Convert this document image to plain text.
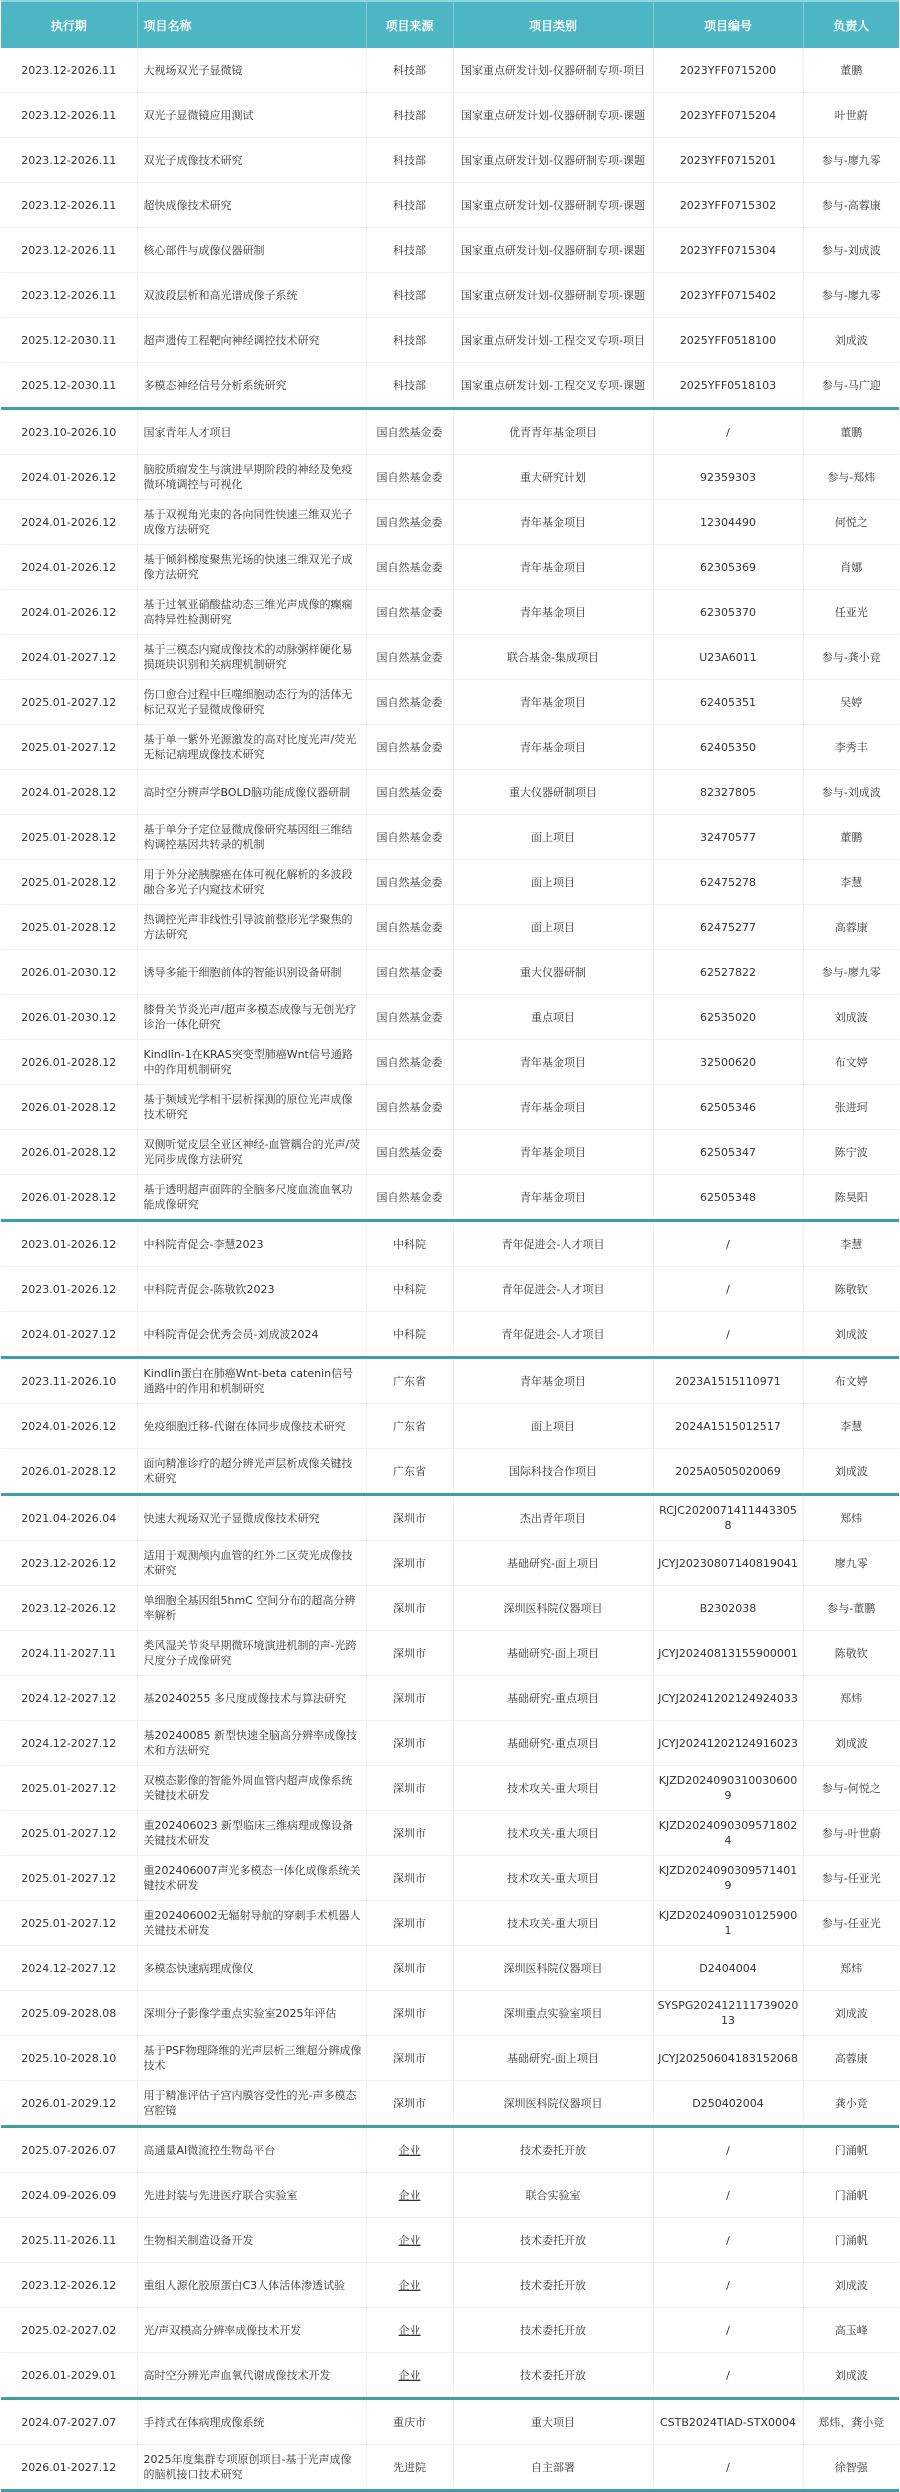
执行期	项目名称	项目来源	项目类别	项目编号	负责人
2023.12-2026.11	大视场双光子显微镜	科技部	国家重点研发计划-仪器研制专项-项目	2023YFF0715200	董鹏
2023.12-2026.11	双光子显微镜应用测试	科技部	国家重点研发计划-仪器研制专项-课题	2023YFF0715204	叶世蔚
2023.12-2026.11	双光子成像技术研究	科技部	国家重点研发计划-仪器研制专项-课题	2023YFF0715201	参与-廖九零
2023.12-2026.11	超快成像技术研究	科技部	国家重点研发计划-仪器研制专项-课题	2023YFF0715302	参与-高蓉康
2023.12-2026.11	核心部件与成像仪器研制	科技部	国家重点研发计划-仪器研制专项-课题	2023YFF0715304	参与-刘成波
2023.12-2026.11	双波段层析和高光谱成像子系统	科技部	国家重点研发计划-仪器研制专项-课题	2023YFF0715402	参与-廖九零
2025.12-2030.11	超声遗传工程靶向神经调控技术研究	科技部	国家重点研发计划-工程交叉专项-项目	2025YFF0518100	刘成波
2025.12-2030.11	多模态神经信号分析系统研究	科技部	国家重点研发计划-工程交叉专项-课题	2025YFF0518103	参与-马广迎
2023.10-2026.10	国家青年人才项目	国自然基金委	优青青年基金项目	/	董鹏
2024.01-2026.12	脑胶质瘤发生与演进早期阶段的神经及免疫微环境调控与可视化	国自然基金委	重大研究计划	92359303	参与-郑炜
2024.01-2026.12	基于双视角光束的各向同性快速三维双光子成像方法研究	国自然基金委	青年基金项目	12304490	何悦之
2024.01-2026.12	基于倾斜梯度聚焦光场的快速三维双光子成像方法研究	国自然基金委	青年基金项目	62305369	肖娜
2024.01-2026.12	基于过氧亚硝酸盐动态三维光声成像的癫痫高特异性检测研究	国自然基金委	青年基金项目	62305370	任亚光
2024.01-2027.12	基于三模态内窥成像技术的动脉粥样硬化易损斑块识别和关病理机制研究	国自然基金委	联合基金-集成项目	U23A6011	参与-龚小竞
2025.01-2027.12	伤口愈合过程中巨噬细胞动态行为的活体无标记双光子显微成像研究	国自然基金委	青年基金项目	62405351	吴婷
2025.01-2027.12	基于单一紫外光源激发的高对比度光声/荧光无标记病理成像技术研究	国自然基金委	青年基金项目	62405350	李秀丰
2024.01-2028.12	高时空分辨声学BOLD脑功能成像仪器研制	国自然基金委	重大仪器研制项目	82327805	参与-刘成波
2025.01-2028.12	基于单分子定位显微成像研究基因组三维结构调控基因共转录的机制	国自然基金委	面上项目	32470577	董鹏
2025.01-2028.12	用于外分泌胰腺癌在体可视化解析的多波段融合多光子内窥技术研究	国自然基金委	面上项目	62475278	李慧
2025.01-2028.12	热调控光声非线性引导波前整形光学聚焦的方法研究	国自然基金委	面上项目	62475277	高蓉康
2026.01-2030.12	诱导多能干细胞前体的智能识别设备研制	国自然基金委	重大仪器研制	62527822	参与-廖九零
2026.01-2030.12	膝骨关节炎光声/超声多模态成像与无创光疗诊治一体化研究	国自然基金委	重点项目	62535020	刘成波
2026.01-2028.12	Kindlin-1在KRAS突变型肺癌Wnt信号通路中的作用机制研究	国自然基金委	青年基金项目	32500620	布文婷
2026.01-2028.12	基于频域光学相干层析探测的原位光声成像技术研究	国自然基金委	青年基金项目	62505346	张进珂
2026.01-2028.12	双侧听觉皮层全亚区神经-血管耦合的光声/荧光同步成像方法研究	国自然基金委	青年基金项目	62505347	陈宁波
2026.01-2028.12	基于透明超声面阵的全脑多尺度血流血氧功能成像研究	国自然基金委	青年基金项目	62505348	陈昊阳
2023.01-2026.12	中科院青促会-李慧2023	中科院	青年促进会-人才项目	/	李慧
2023.01-2026.12	中科院青促会-陈敬钦2023	中科院	青年促进会-人才项目	/	陈敬钦
2024.01-2027.12	中科院青促会优秀会员-刘成波2024	中科院	青年促进会-人才项目	/	刘成波
2023.11-2026.10	Kindlin蛋白在肺癌Wnt-beta catenin信号通路中的作用和机制研究	广东省	青年基金项目	2023A1515110971	布文婷
2024.01-2026.12	免疫细胞迁移-代谢在体同步成像技术研究	广东省	面上项目	2024A1515012517	李慧
2026.01-2028.12	面向精准诊疗的超分辨光声层析成像关键技术研究	广东省	国际科技合作项目	2025A0505020069	刘成波
2021.04-2026.04	快速大视场双光子显微成像技术研究	深圳市	杰出青年项目	RCJC20200714114433058	郑炜
2023.12-2026.12	适用于观测颅内血管的红外二区荧光成像技术研究	深圳市	基础研究-面上项目	JCYJ20230807140819041	廖九零
2023.12-2026.12	单细胞全基因组5hmC 空间分布的超高分辨率解析	深圳市	深圳医科院仪器项目	B2302038	参与-董鹏
2024.11-2027.11	类风湿关节炎早期微环境演进机制的声-光跨尺度分子成像研究	深圳市	基础研究-面上项目	JCYJ20240813155900001	陈敬钦
2024.12-2027.12	基20240255 多尺度成像技术与算法研究	深圳市	基础研究-重点项目	JCYJ20241202124924033	郑炜
2024.12-2027.12	基20240085 新型快速全脑高分辨率成像技术和方法研究	深圳市	基础研究-重点项目	JCYJ20241202124916023	刘成波
2025.01-2027.12	双模态影像的智能外周血管内超声成像系统关键技术研发	深圳市	技术攻关-重大项目	KJZD20240903100306009	参与-何悦之
2025.01-2027.12	重202406023 新型临床三维病理成像设备关键技术研发	深圳市	技术攻关-重大项目	KJZD20240903095718024	参与-叶世蔚
2025.01-2027.12	重202406007声光多模态一体化成像系统关键技术研发	深圳市	技术攻关-重大项目	KJZD20240903095714019	参与-任亚光
2025.01-2027.12	重202406002无辐射导航的穿刺手术机器人关键技术研发	深圳市	技术攻关-重大项目	KJZD20240903101259001	参与-任亚光
2024.12-2027.12	多模态快速病理成像仪	深圳市	深圳医科院仪器项目	D2404004	郑炜
2025.09-2028.08	深圳分子影像学重点实验室2025年评估	深圳市	深圳重点实验室项目	SYSPG20241211173902013	刘成波
2025.10-2028.10	基于PSF物理降维的光声层析三维超分辨成像技术	深圳市	基础研究-面上项目	JCYJ20250604183152068	高蓉康
2026.01-2029.12	用于精准评估子宫内膜容受性的光-声多模态宫腔镜	深圳市	深圳医科院仪器项目	D250402004	龚小竞
2025.07-2026.07	高通量AI微流控生物岛平台	企业	技术委托开放	/	门涌帆
2024.09-2026.09	先进封装与先进医疗联合实验室	企业	联合实验室	/	门涌帆
2025.11-2026.11	生物相关制造设备开发	企业	技术委托开放	/	门涌帆
2023.12-2026.12	重组人源化胶原蛋白C3人体活体渗透试验	企业	技术委托开放	/	刘成波
2025.02-2027.02	光/声双模高分辨率成像技术开发	企业	技术委托开放	/	高玉峰
2026.01-2029.01	高时空分辨光声血氧代谢成像技术开发	企业	技术委托开放	/	刘成波
2024.07-2027.07	手持式在体病理成像系统	重庆市	重大项目	CSTB2024TIAD-STX0004	郑炜、龚小竞
2026.01-2027.12	2025年度集群专项原创项目-基于光声成像的脑机接口技术研究	先进院	自主部署	/	徐智强
